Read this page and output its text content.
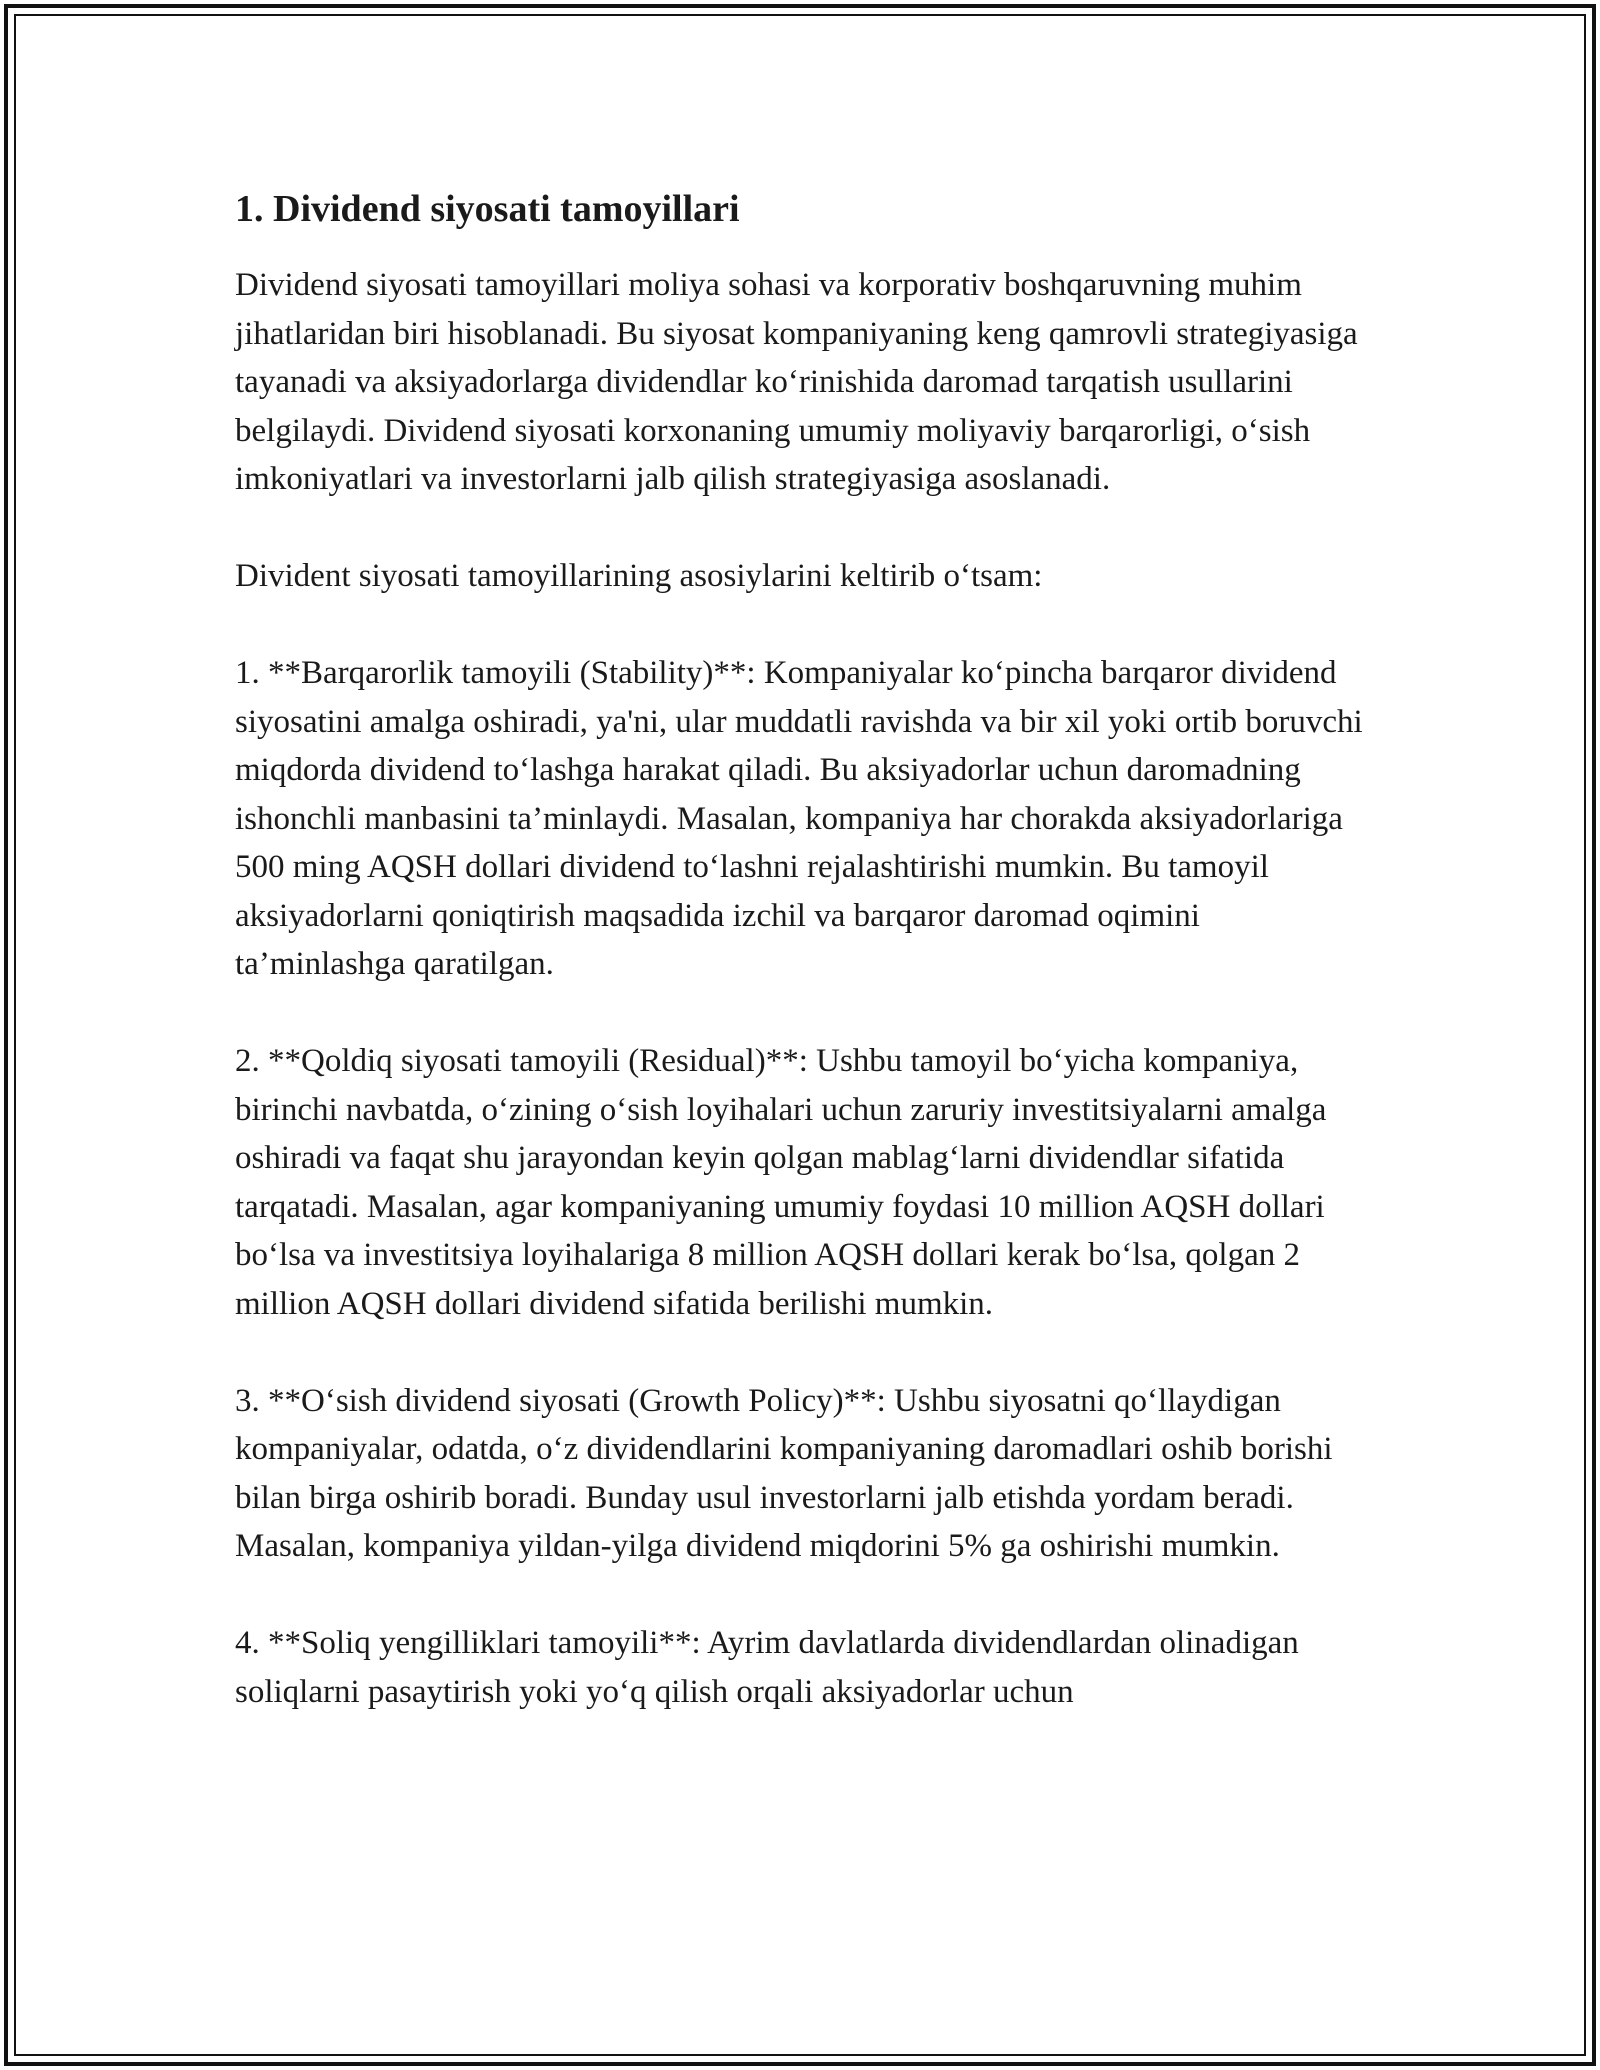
1. Dividend siyosati tamoyillari

Dividend siyosati tamoyillari moliya sohasi va korporativ boshqaruvning muhim jihatlaridan biri hisoblanadi. Bu siyosat kompaniyaning keng qamrovli strategiyasiga tayanadi va aksiyadorlarga dividendlar ko‘rinishida daromad tarqatish usullarini belgilaydi. Dividend siyosati korxonaning umumiy moliyaviy barqarorligi, o‘sish imkoniyatlari va investorlarni jalb qilish strategiyasiga asoslanadi.

Divident siyosati tamoyillarining asosiylarini keltirib o‘tsam:

1. **Barqarorlik tamoyili (Stability)**: Kompaniyalar ko‘pincha barqaror dividend siyosatini amalga oshiradi, ya'ni, ular muddatli ravishda va bir xil yoki ortib boruvchi miqdorda dividend to‘lashga harakat qiladi. Bu aksiyadorlar uchun daromadning ishonchli manbasini ta’minlaydi. Masalan, kompaniya har chorakda aksiyadorlariga 500 ming AQSH dollari dividend to‘lashni rejalashtirishi mumkin. Bu tamoyil aksiyadorlarni qoniqtirish maqsadida izchil va barqaror daromad oqimini ta’minlashga qaratilgan.

2. **Qoldiq siyosati tamoyili (Residual)**: Ushbu tamoyil bo‘yicha kompaniya, birinchi navbatda, o‘zining o‘sish loyihalari uchun zaruriy investitsiyalarni amalga oshiradi va faqat shu jarayondan keyin qolgan mablag‘larni dividendlar sifatida tarqatadi. Masalan, agar kompaniyaning umumiy foydasi 10 million AQSH dollari bo‘lsa va investitsiya loyihalariga 8 million AQSH dollari kerak bo‘lsa, qolgan 2 million AQSH dollari dividend sifatida berilishi mumkin.

3. **O‘sish dividend siyosati (Growth Policy)**: Ushbu siyosatni qo‘llaydigan kompaniyalar, odatda, o‘z dividendlarini kompaniyaning daromadlari oshib borishi bilan birga oshirib boradi. Bunday usul investorlarni jalb etishda yordam beradi. Masalan, kompaniya yildan-yilga dividend miqdorini 5% ga oshirishi mumkin.

4. **Soliq yengilliklari tamoyili**: Ayrim davlatlarda dividendlardan olinadigan soliqlarni pasaytirish yoki yo‘q qilish orqali aksiyadorlar uchun
